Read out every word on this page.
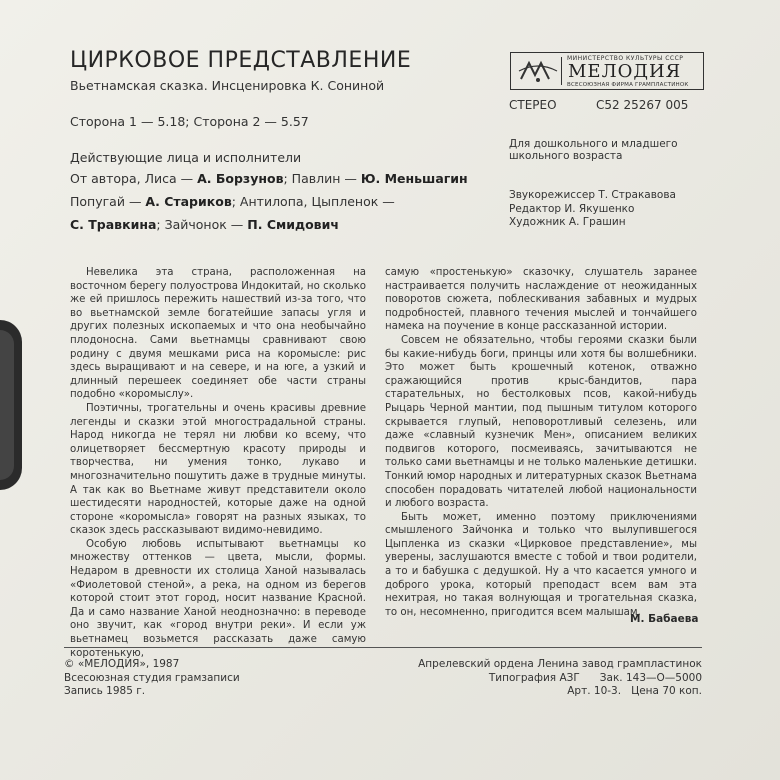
ЦИРКОВОЕ ПРЕДСТАВЛЕНИЕ
Вьетнамская сказка. Инсценировка К. Сониной
Сторона 1 — 5.18; Сторона 2 — 5.57
Действующие лица и исполнители
От автора, Лиса — А. Борзунов; Павлин — Ю. Меньшагин
Попугай — А. Стариков; Антилопа, Цыпленок —
С. Травкина; Зайчонок — П. Смидович
МИНИСТЕРСТВО КУЛЬТУРЫ СССР
МЕЛОДИЯ
ВСЕСОЮЗНАЯ ФИРМА ГРАМПЛАСТИНОК
СТЕРЕО	С52 25267 005
Для дошкольного и младшего школьного возраста
Звукорежиссер Т. Стракавова
Редактор И. Якушенко
Художник А. Грашин

Невелика эта страна, расположенная на восточном берегу полуострова Индокитай, но сколько же ей пришлось пережить нашествий из-за того, что во вьетнамской земле богатейшие запасы угля и других полезных ископаемых и что она необычайно плодоносна. Сами вьетнамцы сравнивают свою родину с двумя мешками риса на коромысле: рис здесь выращивают и на севере, и на юге, а узкий и длинный перешеек соединяет обе части страны подобно «коромыслу».

Поэтичны, трогательны и очень красивы древние легенды и сказки этой многострадальной страны. Народ никогда не терял ни любви ко всему, что олицетворяет бессмертную красоту природы и творчества, ни умения тонко, лукаво и многозначительно пошутить даже в трудные минуты. А так как во Вьетнаме живут представители около шестидесяти народностей, которые даже на одной стороне «коромысла» говорят на разных языках, то сказок здесь рассказывают видимо-невидимо.

Особую любовь испытывают вьетнамцы ко множеству оттенков — цвета, мысли, формы. Недаром в древности их столица Ханой называлась «Фиолетовой стеной», а река, на одном из берегов которой стоит этот город, носит название Красной. Да и само название Ханой неоднозначно: в переводе оно звучит, как «город внутри реки». И если уж вьетнамец возьмется рассказать даже самую коротенькую,

самую «простенькую» сказочку, слушатель заранее настраивается получить наслаждение от неожиданных поворотов сюжета, поблескивания забавных и мудрых подробностей, плавного течения мыслей и тончайшего намека на поучение в конце рассказанной истории.

Совсем не обязательно, чтобы героями сказки были бы какие-нибудь боги, принцы или хотя бы волшебники. Это может быть крошечный котенок, отважно сражающийся против крыс-бандитов, пара старательных, но бестолковых псов, какой-нибудь Рыцарь Черной мантии, под пышным титулом которого скрывается глупый, неповоротливый селезень, или даже «славный кузнечик Мен», описанием великих подвигов которого, посмеиваясь, зачитываются не только сами вьетнамцы и не только маленькие детишки. Тонкий юмор народных и литературных сказок Вьетнама способен порадовать читателей любой национальности и любого возраста.

Быть может, именно поэтому приключениями смышленого Зайчонка и только что вылупившегося Цыпленка из сказки «Цирковое представление», мы уверены, заслушаются вместе с тобой и твои родители, а то и бабушка с дедушкой. Ну а что касается умного и доброго урока, который преподаст всем вам эта нехитрая, но такая волнующая и трогательная сказка, то он, несомненно, пригодится всем малышам.

М. Бабаева
© «МЕЛОДИЯ», 1987
Всесоюзная студия грамзаписи
Запись 1985 г.
Апрелевский ордена Ленина завод грампластинок
Типография АЗГ      Зак. 143—О—5000
Арт. 10-3.   Цена 70 коп.
